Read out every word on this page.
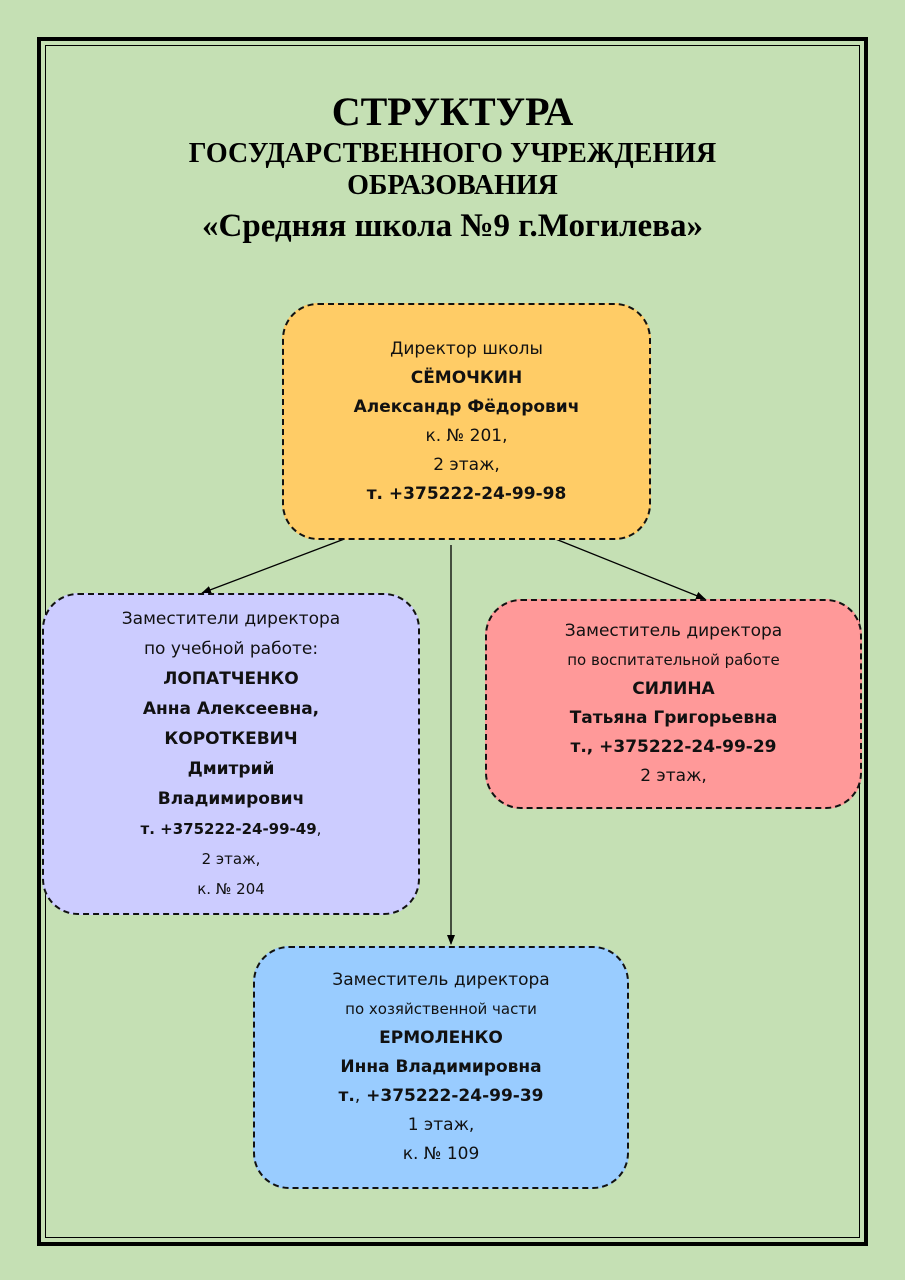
СТРУКТУРА
ГОСУДАРСТВЕННОГО УЧРЕЖДЕНИЯ
ОБРАЗОВАНИЯ
«Средняя школа №9 г.Могилева»
Директор школы
СЁМОЧКИН
Александр Фёдорович
к. № 201,
2 этаж,
т. +375222-24-99-98
Заместители директора
по учебной работе:
ЛОПАТЧЕНКО
Анна Алексеевна,
КОРОТКЕВИЧ
Дмитрий
Владимирович
т. +375222-24-99-49,
2 этаж,
к. № 204
Заместитель директора
по воспитательной работе
СИЛИНА
Татьяна Григорьевна
т., +375222-24-99-29
2 этаж,
Заместитель директора
по хозяйственной части
ЕРМОЛЕНКО
Инна Владимировна
т., +375222-24-99-39
1 этаж,
к. № 109
